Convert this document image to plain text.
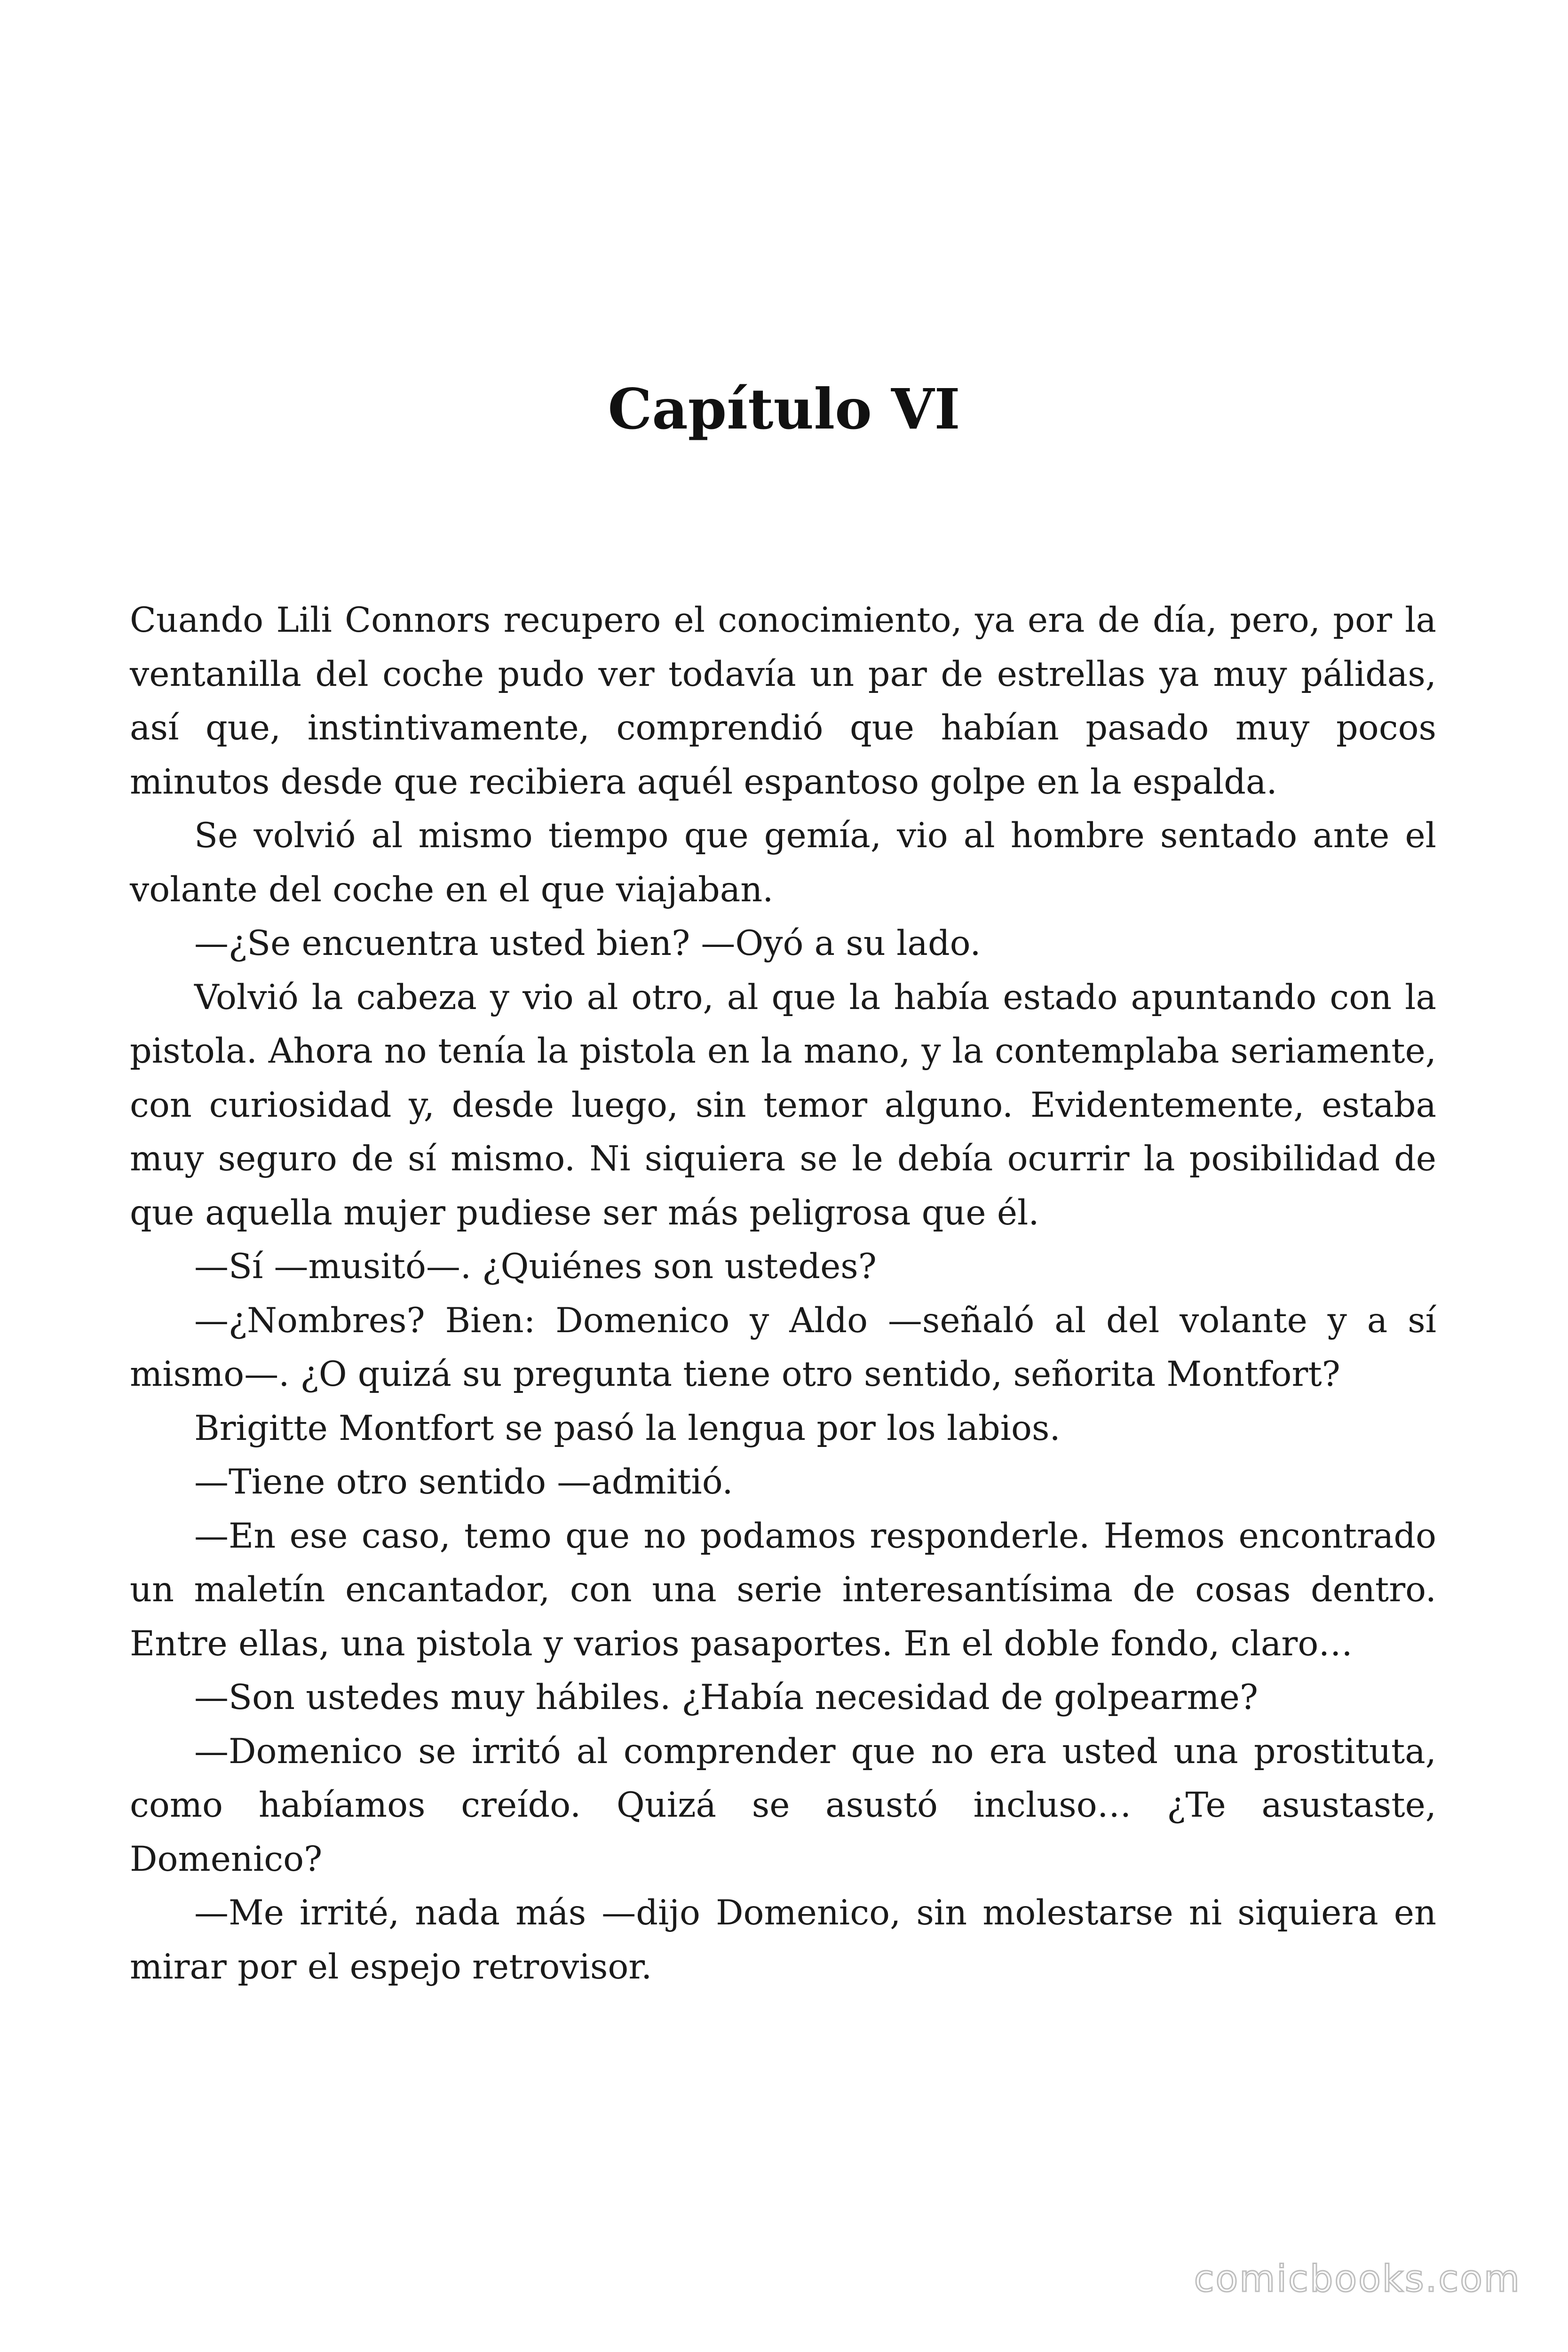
Capítulo VI

Cuando Lili Connors recupero el conocimiento, ya era de día, pero, por la ventanilla del coche pudo ver todavía un par de estrellas ya muy pálidas, así que, instintivamente, comprendió que habían pasado muy pocos minutos desde que recibiera aquél espantoso golpe en la espalda.

Se volvió al mismo tiempo que gemía, vio al hombre sentado ante el volante del coche en el que viajaban.

—¿Se encuentra usted bien? —Oyó a su lado.

Volvió la cabeza y vio al otro, al que la había estado apuntando con la pistola. Ahora no tenía la pistola en la mano, y la contemplaba seriamente, con curiosidad y, desde luego, sin temor alguno. Evidentemente, estaba muy seguro de sí mismo. Ni siquiera se le debía ocurrir la posibilidad de que aquella mujer pudiese ser más peligrosa que él.

—Sí —musitó—. ¿Quiénes son ustedes?

—¿Nombres? Bien: Domenico y Aldo —señaló al del volante y a sí mismo—. ¿O quizá su pregunta tiene otro sentido, señorita Montfort?

Brigitte Montfort se pasó la lengua por los labios.

—Tiene otro sentido —admitió.

—En ese caso, temo que no podamos responderle. Hemos encontrado un maletín encantador, con una serie interesantísima de cosas dentro. Entre ellas, una pistola y varios pasaportes. En el doble fondo, claro…

—Son ustedes muy hábiles. ¿Había necesidad de golpearme?

—Domenico se irritó al comprender que no era usted una prostituta, como habíamos creído. Quizá se asustó incluso… ¿Te asustaste, Domenico?

—Me irrité, nada más —dijo Domenico, sin molestarse ni siquiera en mirar por el espejo retrovisor.

comicbooks.com
